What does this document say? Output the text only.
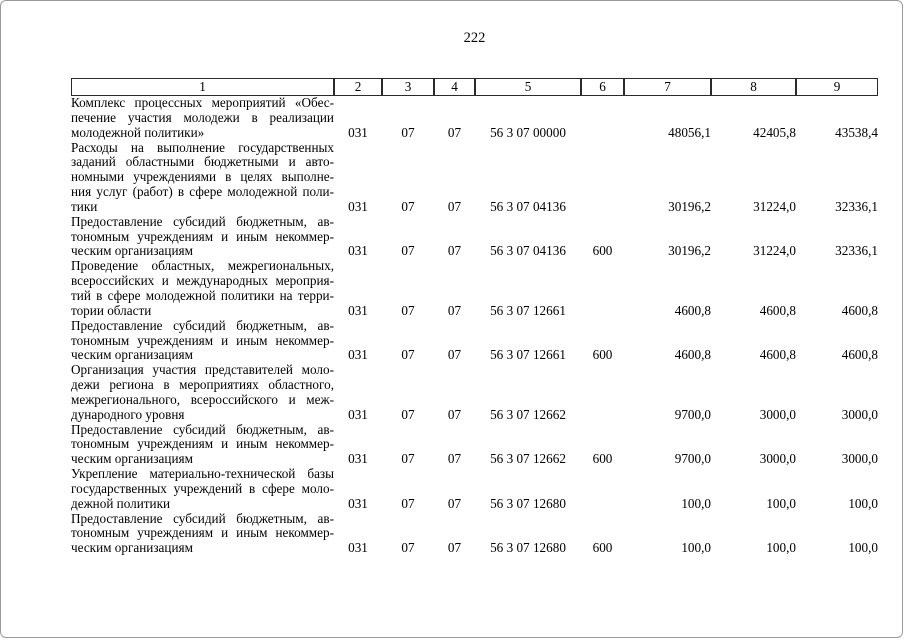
222
1	2	3	4	5	6	7	8	9

Комплекс процессных мероприятий «Обес-
печение участия молодежи в реализации
молодежной политики»	031	07	07	56 3 07 00000		48056,1	42405,8	43538,4

Расходы на выполнение государственных
заданий областными бюджетными и авто-
номными учреждениями в целях выполне-
ния услуг (работ) в сфере молодежной поли-
тики	031	07	07	56 3 07 04136		30196,2	31224,0	32336,1

Предоставление субсидий бюджетным, ав-
тономным учреждениям и иным некоммер-
ческим организациям	031	07	07	56 3 07 04136	600	30196,2	31224,0	32336,1

Проведение областных, межрегиональных,
всероссийских и международных мероприя-
тий в сфере молодежной политики на терри-
тории области	031	07	07	56 3 07 12661		4600,8	4600,8	4600,8

Предоставление субсидий бюджетным, ав-
тономным учреждениям и иным некоммер-
ческим организациям	031	07	07	56 3 07 12661	600	4600,8	4600,8	4600,8

Организация участия представителей моло-
дежи региона в мероприятиях областного,
межрегионального, всероссийского и меж-
дународного уровня	031	07	07	56 3 07 12662		9700,0	3000,0	3000,0

Предоставление субсидий бюджетным, ав-
тономным учреждениям и иным некоммер-
ческим организациям	031	07	07	56 3 07 12662	600	9700,0	3000,0	3000,0

Укрепление материально-технической базы
государственных учреждений в сфере моло-
дежной политики	031	07	07	56 3 07 12680		100,0	100,0	100,0

Предоставление субсидий бюджетным, ав-
тономным учреждениям и иным некоммер-
ческим организациям	031	07	07	56 3 07 12680	600	100,0	100,0	100,0
